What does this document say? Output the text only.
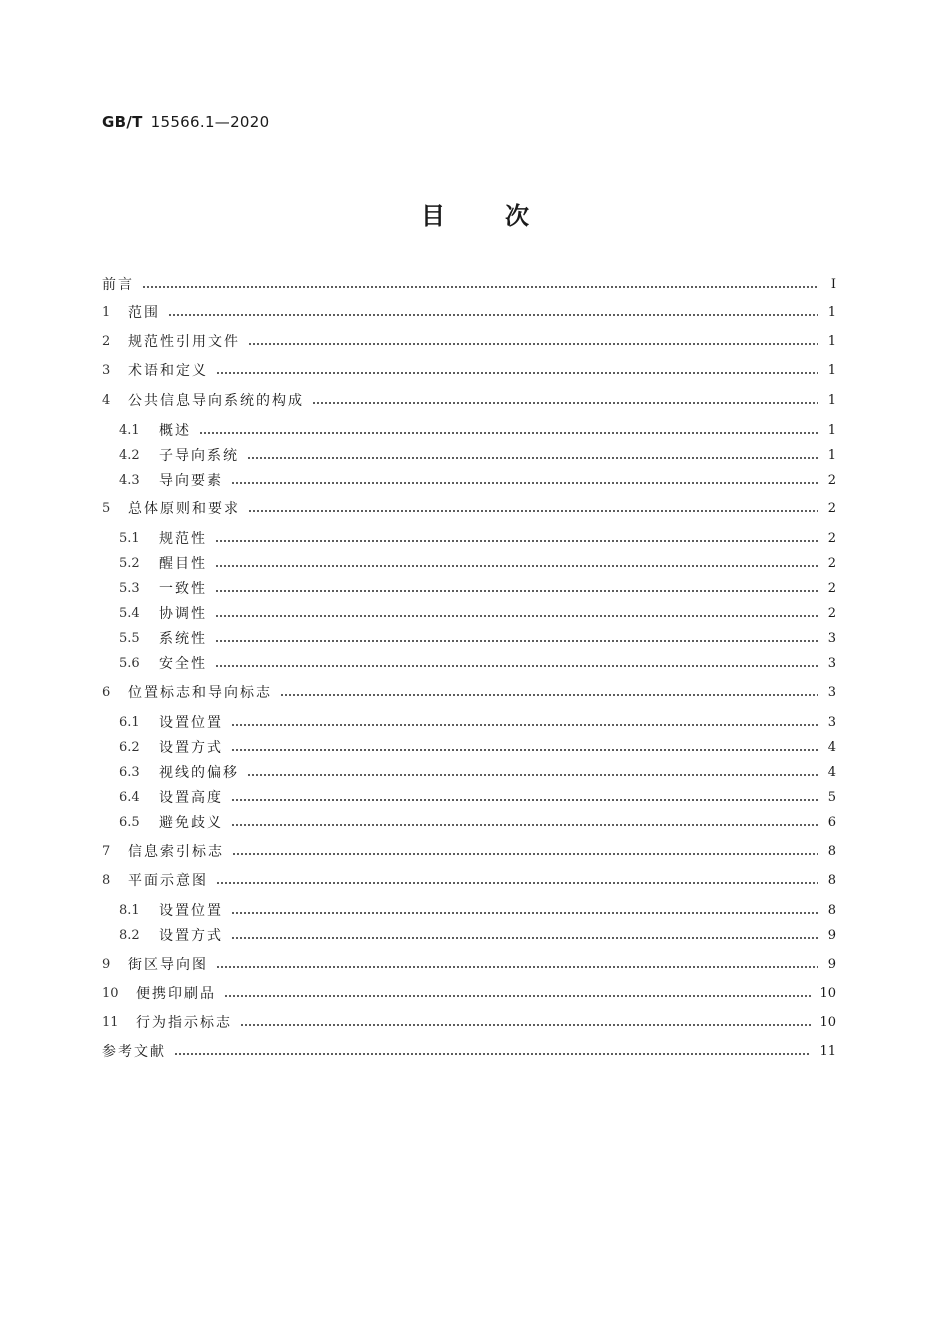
GB/T 15566.1—2020
目	次
前言	Ⅰ
1	范围	1
2	规范性引用文件	1
3	术语和定义	1
4	公共信息导向系统的构成	1
4.1	概述	1
4.2	子导向系统	1
4.3	导向要素	2
5	总体原则和要求	2
5.1	规范性	2
5.2	醒目性	2
5.3	一致性	2
5.4	协调性	2
5.5	系统性	3
5.6	安全性	3
6	位置标志和导向标志	3
6.1	设置位置	3
6.2	设置方式	4
6.3	视线的偏移	4
6.4	设置高度	5
6.5	避免歧义	6
7	信息索引标志	8
8	平面示意图	8
8.1	设置位置	8
8.2	设置方式	9
9	街区导向图	9
10	便携印刷品	10
11	行为指示标志	10
参考文献	11
